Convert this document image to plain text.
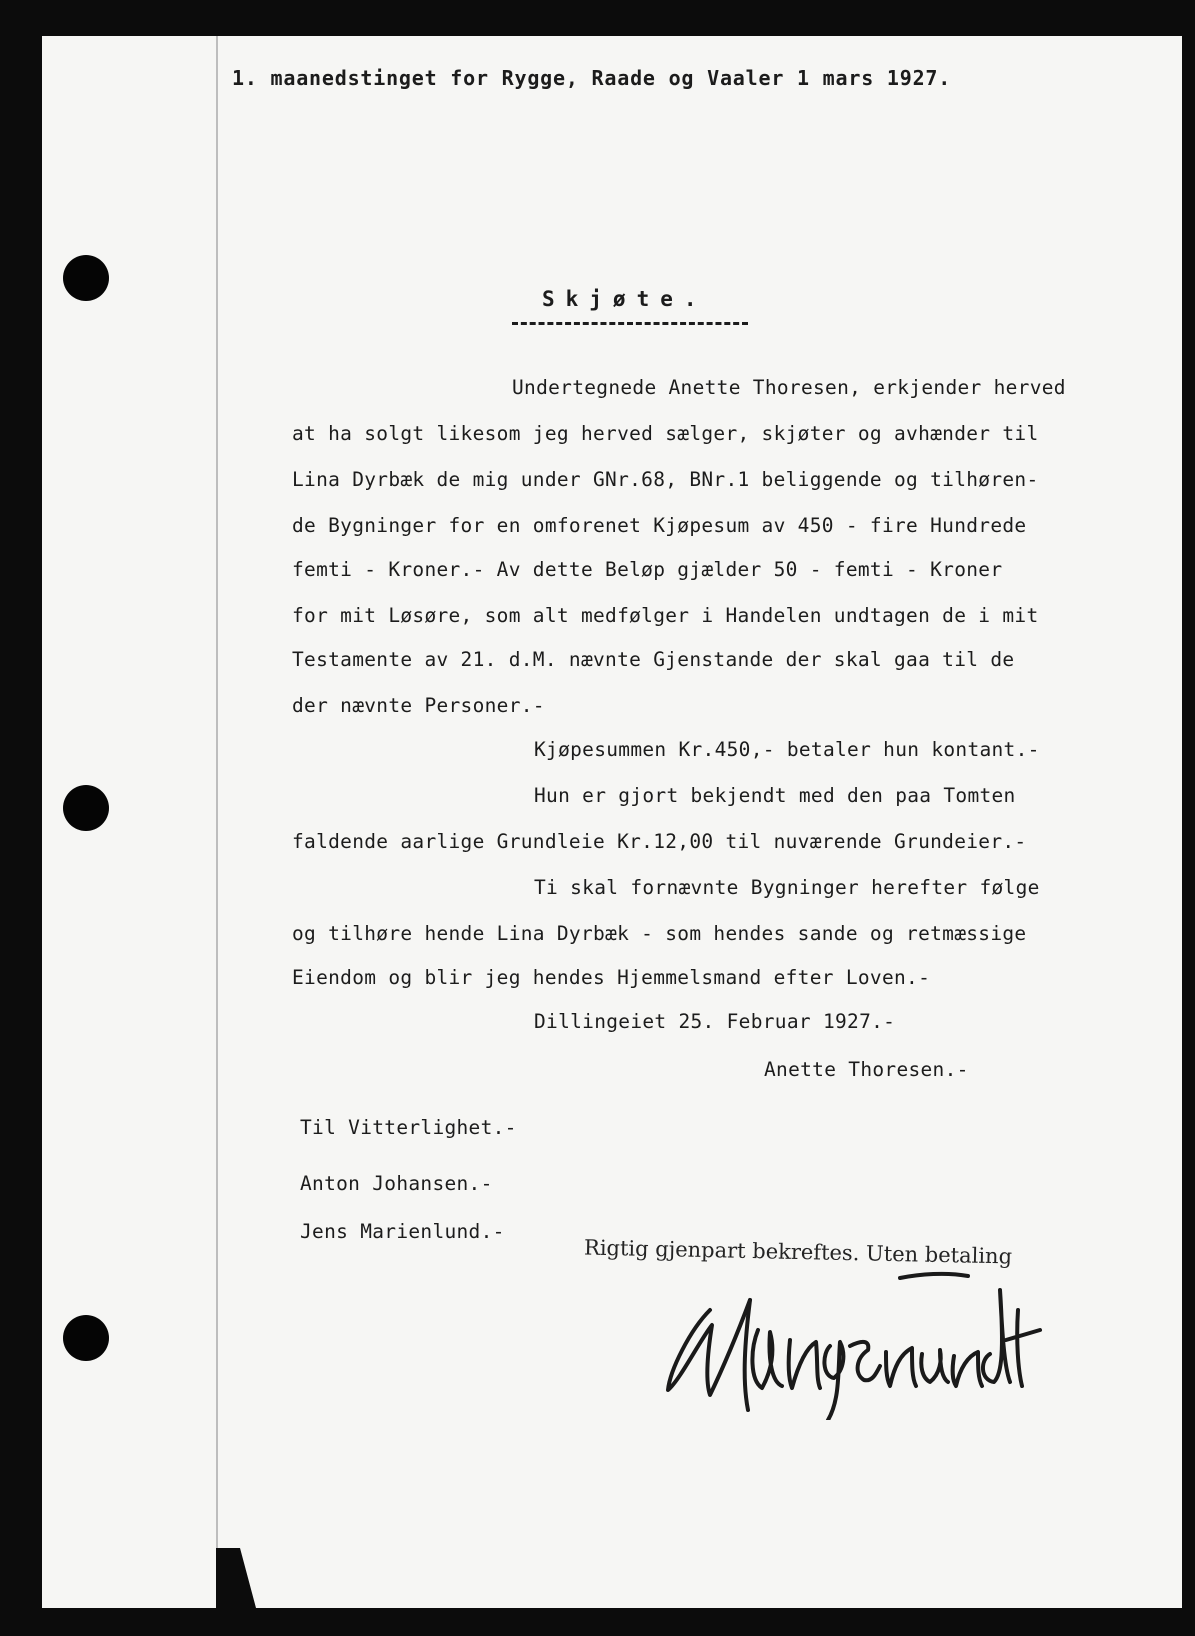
1. maanedstinget for Rygge, Raade og Vaaler 1 mars 1927.

Skjøte.

Undertegnede Anette Thoresen, erkjender herved

at ha solgt likesom jeg herved sælger, skjøter og avhænder til

Lina Dyrbæk de mig under GNr.68, BNr.1 beliggende og tilhøren-

de Bygninger for en omforenet Kjøpesum av 450 - fire Hundrede

femti - Kroner.- Av dette Beløp gjælder 50 - femti - Kroner

for mit Løsøre, som alt medfølger i Handelen undtagen de i mit

Testamente av 21. d.M. nævnte Gjenstande der skal gaa til de

der nævnte Personer.-

Kjøpesummen Kr.450,- betaler hun kontant.-

Hun er gjort bekjendt med den paa Tomten

faldende aarlige Grundleie Kr.12,00 til nuværende Grundeier.-

Ti skal fornævnte Bygninger herefter følge

og tilhøre hende Lina Dyrbæk - som hendes sande og retmæssige

Eiendom og blir jeg hendes Hjemmelsmand efter Loven.-

Dillingeiet 25. Februar 1927.-

Anette Thoresen.-

Til Vitterlighet.-

Anton Johansen.-

Jens Marienlund.-

Rigtig gjenpart bekreftes. Uten betaling
